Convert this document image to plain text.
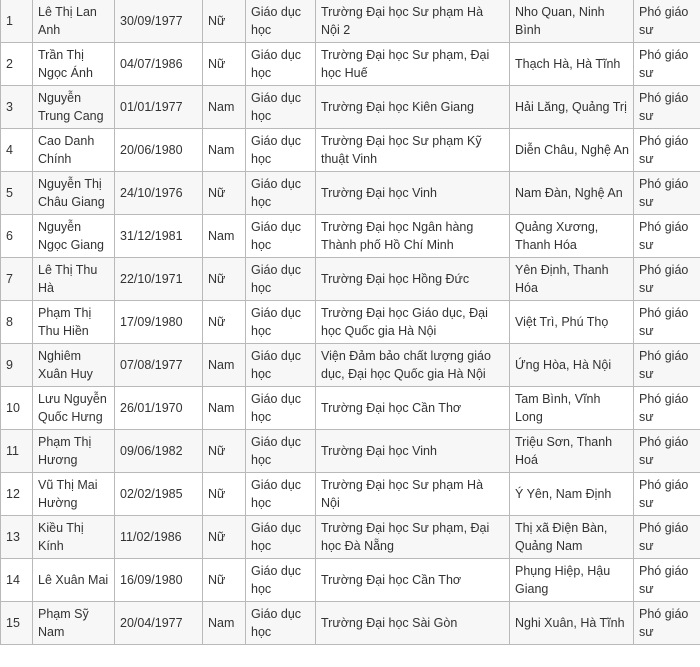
1	Lê Thị Lan Anh	30/09/1977	Nữ	Giáo dục học	Trường Đại học Sư phạm Hà Nội 2	Nho Quan, Ninh Bình	Phó giáo sư
2	Trần Thị Ngọc Ánh	04/07/1986	Nữ	Giáo dục học	Trường Đại học Sư phạm, Đại học Huế	Thạch Hà, Hà Tĩnh	Phó giáo sư
3	Nguyễn Trung Cang	01/01/1977	Nam	Giáo dục học	Trường Đại học Kiên Giang	Hải Lăng, Quảng Trị	Phó giáo sư
4	Cao Danh Chính	20/06/1980	Nam	Giáo dục học	Trường Đại học Sư phạm Kỹ thuật Vinh	Diễn Châu, Nghệ An	Phó giáo sư
5	Nguyễn Thị Châu Giang	24/10/1976	Nữ	Giáo dục học	Trường Đại học Vinh	Nam Đàn, Nghệ An	Phó giáo sư
6	Nguyễn Ngọc Giang	31/12/1981	Nam	Giáo dục học	Trường Đại học Ngân hàng Thành phố Hồ Chí Minh	Quảng Xương, Thanh Hóa	Phó giáo sư
7	Lê Thị Thu Hà	22/10/1971	Nữ	Giáo dục học	Trường Đại học Hồng Đức	Yên Định, Thanh Hóa	Phó giáo sư
8	Phạm Thị Thu Hiền	17/09/1980	Nữ	Giáo dục học	Trường Đại học Giáo dục, Đại học Quốc gia Hà Nội	Việt Trì, Phú Thọ	Phó giáo sư
9	Nghiêm Xuân Huy	07/08/1977	Nam	Giáo dục học	Viện Đảm bảo chất lượng giáo dục, Đại học Quốc gia Hà Nội	Ứng Hòa, Hà Nội	Phó giáo sư
10	Lưu Nguyễn Quốc Hưng	26/01/1970	Nam	Giáo dục học	Trường Đại học Cần Thơ	Tam Bình, Vĩnh Long	Phó giáo sư
11	Phạm Thị Hương	09/06/1982	Nữ	Giáo dục học	Trường Đại học Vinh	Triệu Sơn, Thanh Hoá	Phó giáo sư
12	Vũ Thị Mai Hường	02/02/1985	Nữ	Giáo dục học	Trường Đại học Sư phạm Hà Nội	Ý Yên, Nam Định	Phó giáo sư
13	Kiều Thị Kính	11/02/1986	Nữ	Giáo dục học	Trường Đại học Sư phạm, Đại học Đà Nẵng	Thị xã Điện Bàn, Quảng Nam	Phó giáo sư
14	Lê Xuân Mai	16/09/1980	Nữ	Giáo dục học	Trường Đại học Cần Thơ	Phụng Hiệp, Hậu Giang	Phó giáo sư
15	Phạm Sỹ Nam	20/04/1977	Nam	Giáo dục học	Trường Đại học Sài Gòn	Nghi Xuân, Hà Tĩnh	Phó giáo sư
